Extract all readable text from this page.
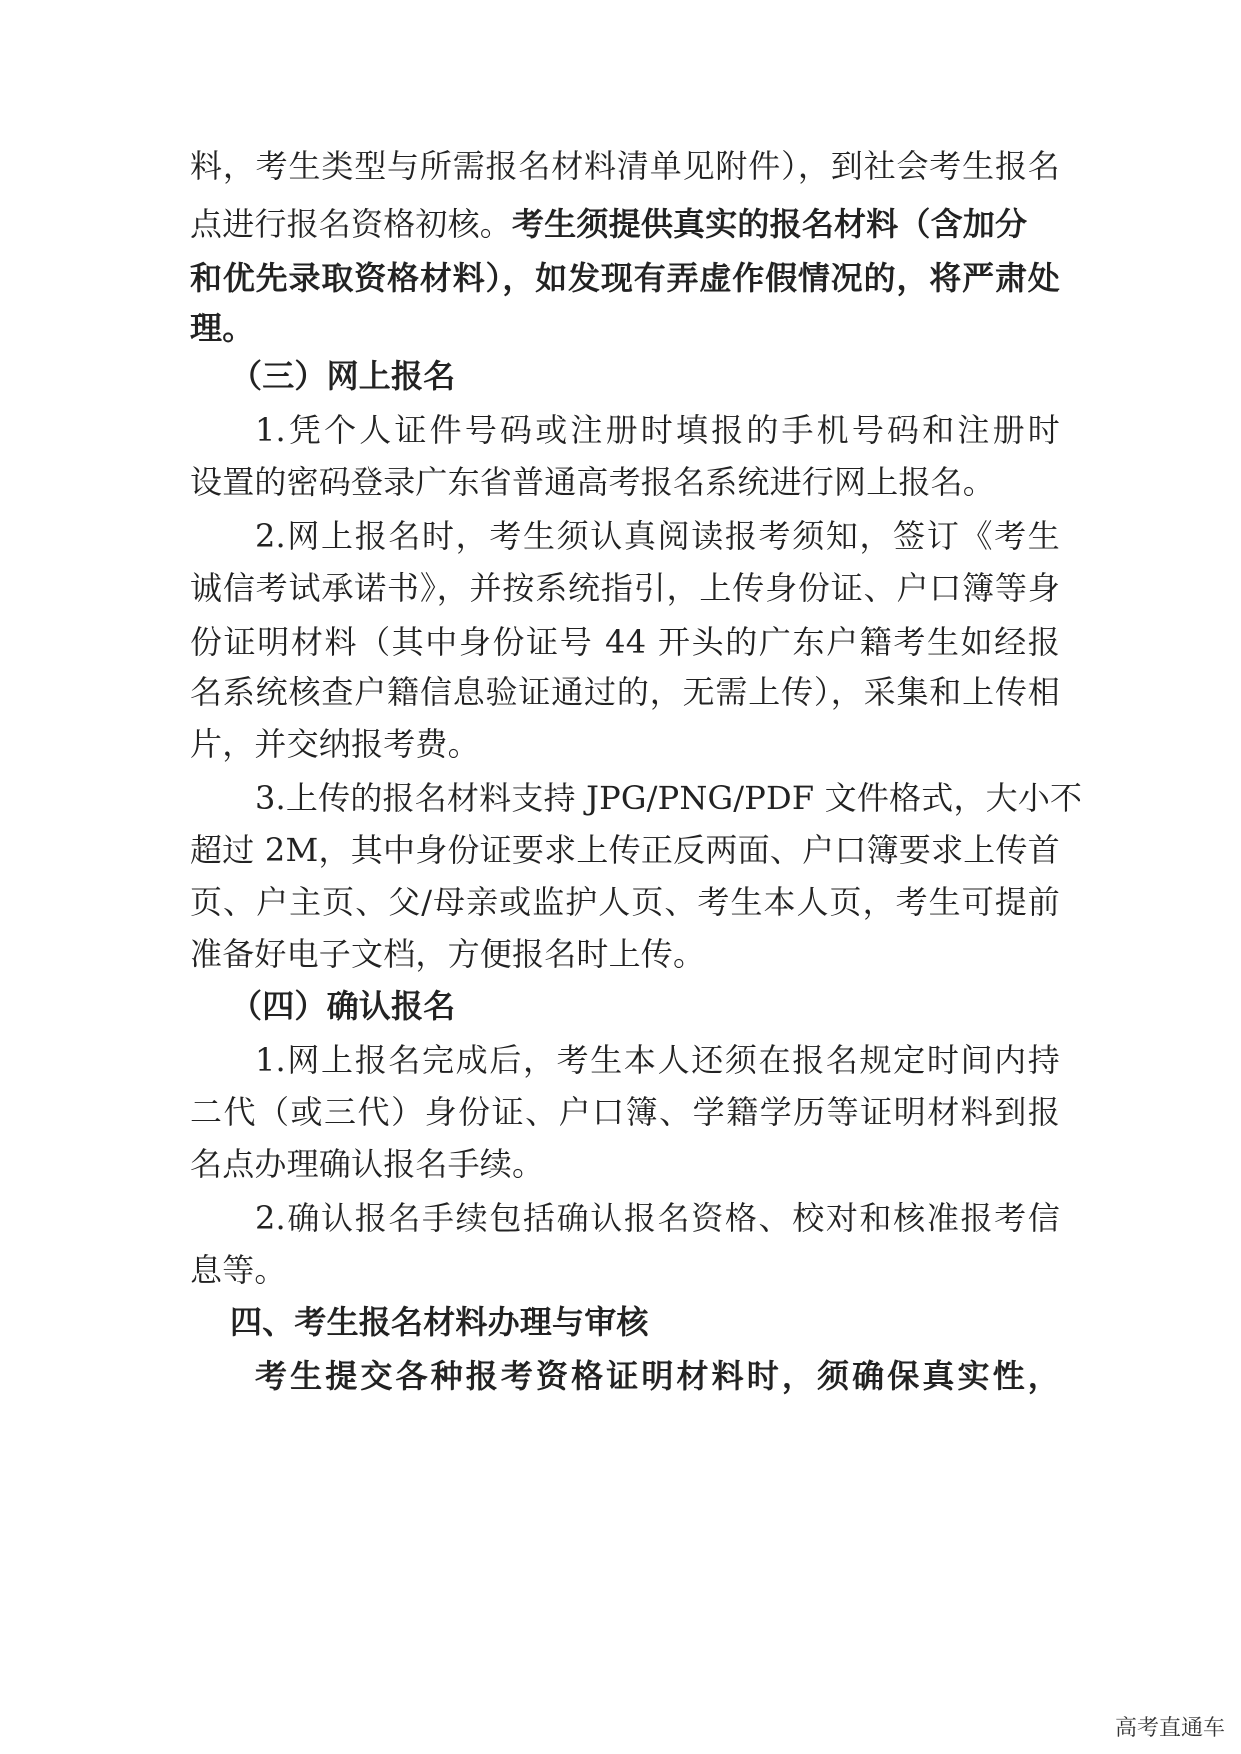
料，考生类型与所需报名材料清单见附件），到社会考生报名
点进行报名资格初核。考生须提供真实的报名材料（含加分
和优先录取资格材料），如发现有弄虚作假情况的，将严肃处
理。
（三）网上报名
1.凭个人证件号码或注册时填报的手机号码和注册时
设置的密码登录广东省普通高考报名系统进行网上报名。
2.网上报名时，考生须认真阅读报考须知，签订《考生
诚信考试承诺书》，并按系统指引，上传身份证、户口簿等身
份证明材料（其中身份证号 44 开头的广东户籍考生如经报
名系统核查户籍信息验证通过的，无需上传），采集和上传相
片，并交纳报考费。
3.上传的报名材料支持 JPG/PNG/PDF 文件格式，大小不
超过 2M，其中身份证要求上传正反两面、户口簿要求上传首
页、户主页、父/母亲或监护人页、考生本人页，考生可提前
准备好电子文档，方便报名时上传。
（四）确认报名
1.网上报名完成后，考生本人还须在报名规定时间内持
二代（或三代）身份证、户口簿、学籍学历等证明材料到报
名点办理确认报名手续。
2.确认报名手续包括确认报名资格、校对和核准报考信
息等。
四、考生报名材料办理与审核
考生提交各种报考资格证明材料时，须确保真实性，
高考直通车
